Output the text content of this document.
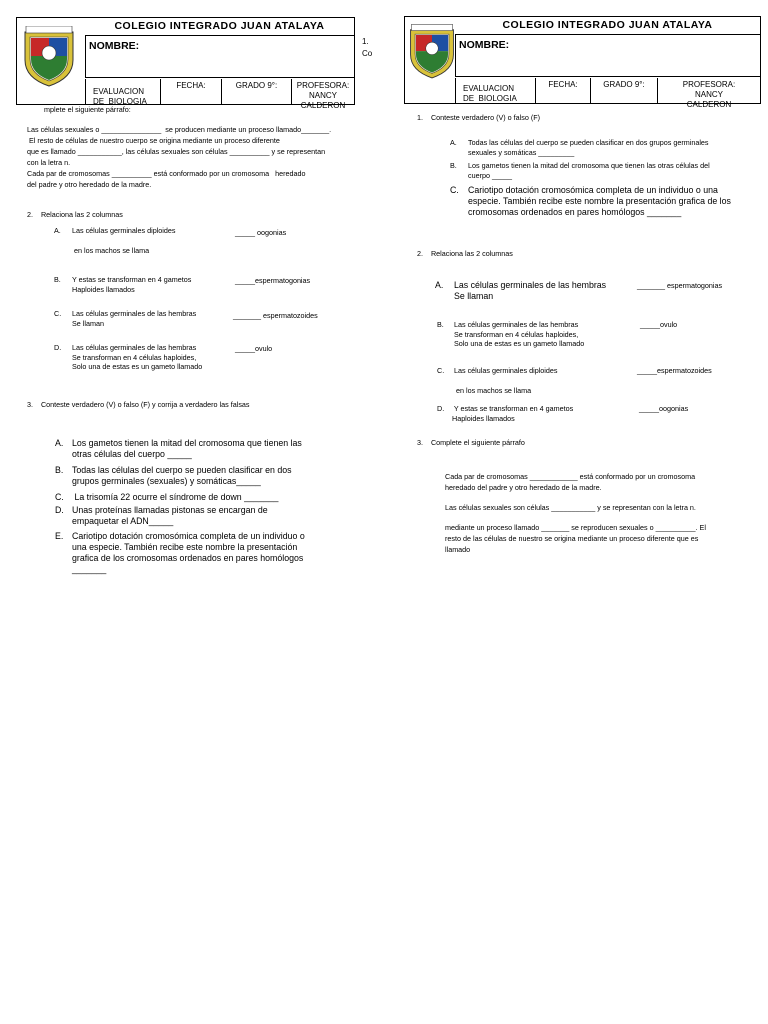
COLEGIO INTEGRADO JUAN ATALAYA
NOMBRE:
EVALUACION
DE  BIOLOGIA
FECHA:	GRADO 9°:	PROFESORA:
NANCY
CALDERON
1.
Co
COLEGIO INTEGRADO JUAN ATALAYA
NOMBRE:
EVALUACION
DE  BIOLOGIA
FECHA:	GRADO 9°:	PROFESORA:
NANCY
CALDERON
mplete el siguiente párrafo:
Las células sexuales o _______________  se producen mediante un proceso llamado_______.
El resto de células de nuestro cuerpo se origina mediante un proceso diferente
que es llamado ___________, las células sexuales son células __________ y se representan
con la letra n.
Cada par de cromosomas __________ está conformado por un cromosoma   heredado
del padre y otro heredado de la madre.
2.    Relaciona las 2 columnas
A. Las células germinales diploides	_____ oogonias
en los machos se llama
B. Y estas se transforman en 4 gametos
Haploides llamados
_____espermatogonias
C. Las células germinales de las hembras
Se llaman
_______ espermatozoides
D. Las células germinales de las hembras
Se transforman en 4 células haploides,
Solo una de estas es un gameto llamado
_____ovulo
3.    Conteste verdadero (V) o falso (F) y corrija a verdadero las falsas
A. Los gametos tienen la mitad del cromosoma que tienen las
otras células del cuerpo _____
B. Todas las células del cuerpo se pueden clasificar en dos
grupos germinales (sexuales) y somáticas_____
C. La trisomía 22 ocurre el síndrome de down _______
D. Unas proteínas llamadas pistonas se encargan de
empaquetar el ADN_____
E. Cariotipo dotación cromosómica completa de un individuo o
una especie. También recibe este nombre la presentación
grafica de los cromosomas ordenados en pares homólogos
_______
1.    Conteste verdadero (V) o falso (F)
A. Todas las células del cuerpo se pueden clasificar en dos grupos germinales
sexuales y somáticas _________
B. Los gametos tienen la mitad del cromosoma que tienen las otras células del
cuerpo _____
C. Cariotipo dotación cromosómica completa de un individuo o una
especie. También recibe este nombre la presentación grafica de los
cromosomas ordenados en pares homólogos _______
2.    Relaciona las 2 columnas
A. Las células germinales de las hembras
Se llaman
_______ espermatogonias
B. Las células germinales de las hembras
Se transforman en 4 células haploides,
Solo una de estas es un gameto llamado
_____ovulo
C. Las células germinales diploides	_____espermatozoides
en los machos se llama
D. Y estas se transforman en 4 gametos
Haploides llamados
_____oogonias
3.    Complete el siguiente párrafo
Cada par de cromosomas ____________ está conformado por un cromosoma
heredado del padre y otro heredado de la madre.
Las células sexuales son células ___________ y se representan con la letra n.
mediante un proceso llamado _______ se reproducen sexuales o __________. El
resto de las células de nuestro se origina mediante un proceso diferente que es
llamado
